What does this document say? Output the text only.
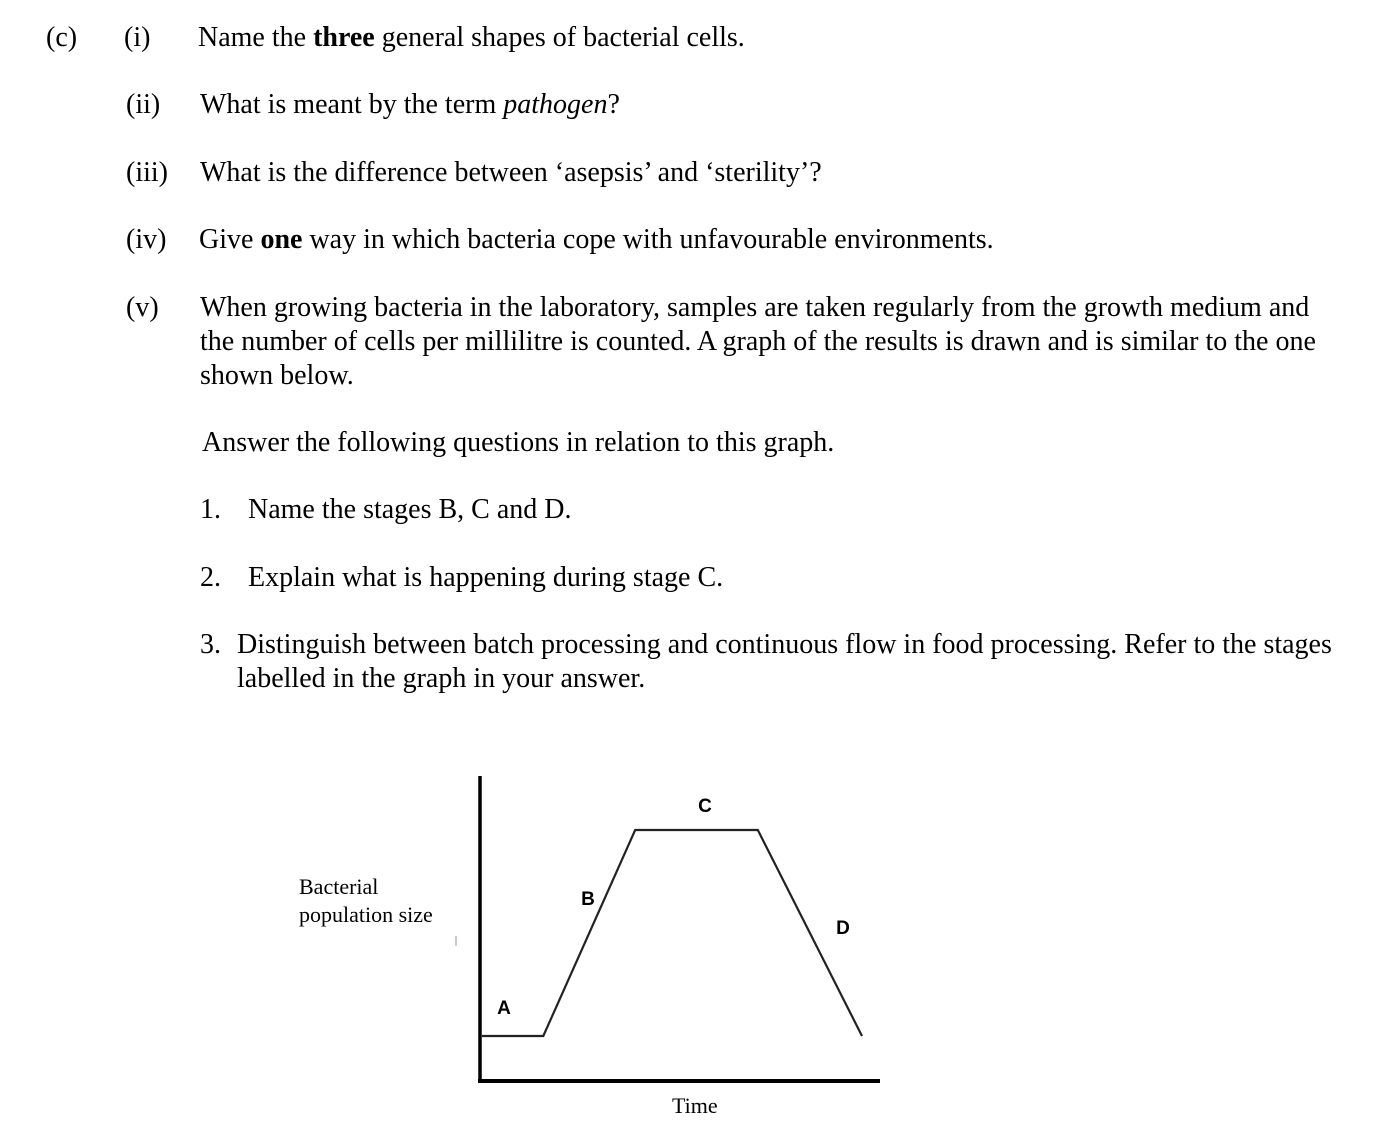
(c) (i) Name the three general shapes of bacterial cells.
(ii) What is meant by the term pathogen?
(iii) What is the difference between ‘asepsis’ and ‘sterility’?
(iv) Give one way in which bacteria cope with unfavourable environments.
(v) When growing bacteria in the laboratory, samples are taken regularly from the growth medium and the number of cells per millilitre is counted. A graph of the results is drawn and is similar to the one shown below.
Answer the following questions in relation to this graph.
1. Name the stages B, C and D.
2. Explain what is happening during stage C.
3. Distinguish between batch processing and continuous flow in food processing. Refer to the stages labelled in the graph in your answer.
Bacterial population size
Time
A
B
C
D
